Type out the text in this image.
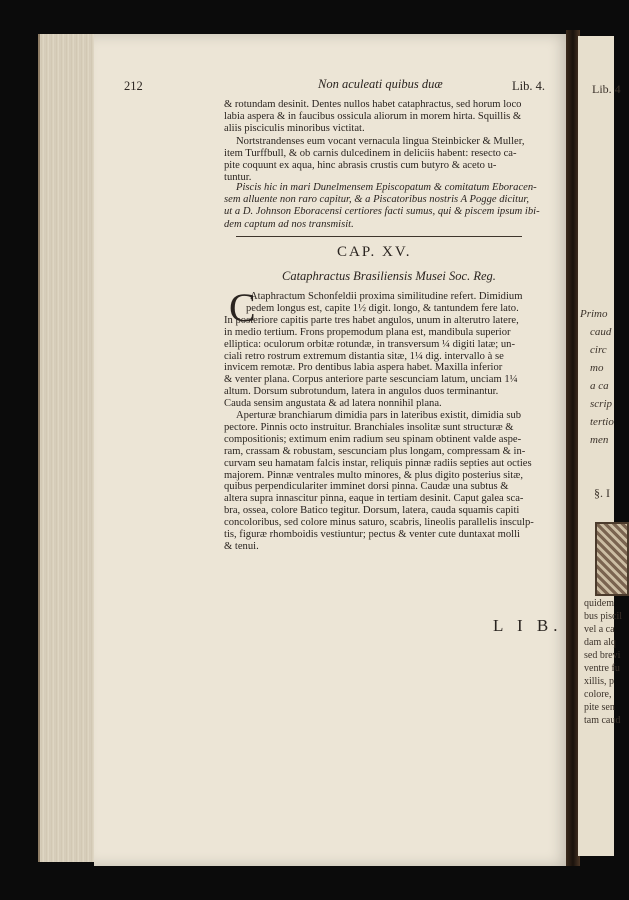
Lib. 4
Primo
caud
circ
mo
a ca
scrip
tertio
men
§. I
quidem
bus piscil
vel a ca
dam alq
sed brevi
ventre fu
xillis, p
colore,
pite sen
tam caud
212	Non aculeati quibus duæ	Lib. 4.
& rotundam desinit. Dentes nullos habet cataphractus, sed horum loco
labia aspera & in faucibus ossicula aliorum in morem hirta. Squillis &
aliis pisciculis minoribus victitat.
Nortstrandenses eum vocant vernacula lingua Steinbicker & Muller,
item Turffbull, & ob carnis dulcedinem in deliciis habent: resecto ca-
pite coquunt ex aqua, hinc abrasis crustis cum butyro & aceto u-
tuntur.
Piscis hic in mari Dunelmensem Episcopatum & comitatum Eboracen-
sem alluente non raro capitur, & a Piscatoribus nostris A Pogge dicitur,
ut a D. Johnson Eboracensi certiores facti sumus, qui & piscem ipsum ibi-
dem captum ad nos transmisit.
CAP. XV.
Cataphractus Brasiliensis Musei Soc. Reg.
C
Ataphractum Schonfeldii proxima similitudine refert. Dimidium
pedem longus est, capite 1½ digit. longo, & tantundem fere lato.
In posteriore capitis parte tres habet angulos, unum in alterutro latere,
in medio tertium. Frons propemodum plana est, mandibula superior
elliptica: oculorum orbitæ rotundæ, in transversum ¼ digiti latæ; un-
ciali retro rostrum extremum distantia sitæ, 1¼ dig. intervallo à se
invicem remotæ. Pro dentibus labia aspera habet. Maxilla inferior
& venter plana. Corpus anteriore parte sescunciam latum, unciam 1¼
altum. Dorsum subrotundum, latera in angulos duos terminantur.
Cauda sensim angustata & ad latera nonnihil plana.
Aperturæ branchiarum dimidia pars in lateribus existit, dimidia sub
pectore. Pinnis octo instruitur. Branchiales insolitæ sunt structuræ &
compositionis; extimum enim radium seu spinam obtinent valde aspe-
ram, crassam & robustam, sescunciam plus longam, compressam & in-
curvam seu hamatam falcis instar, reliquis pinnæ radiis septies aut octies
majorem. Pinnæ ventrales multo minores, & plus digito posterius sitæ,
quibus perpendiculariter imminet dorsi pinna. Caudæ una subtus &
altera supra innascitur pinna, eaque in tertiam desinit. Caput galea sca-
bra, ossea, colore Batico tegitur. Dorsum, latera, cauda squamis capiti
concoloribus, sed colore minus saturo, scabris, lineolis parallelis insculp-
tis, figuræ rhomboidis vestiuntur; pectus & venter cute duntaxat molli
& tenui.
L I B.
